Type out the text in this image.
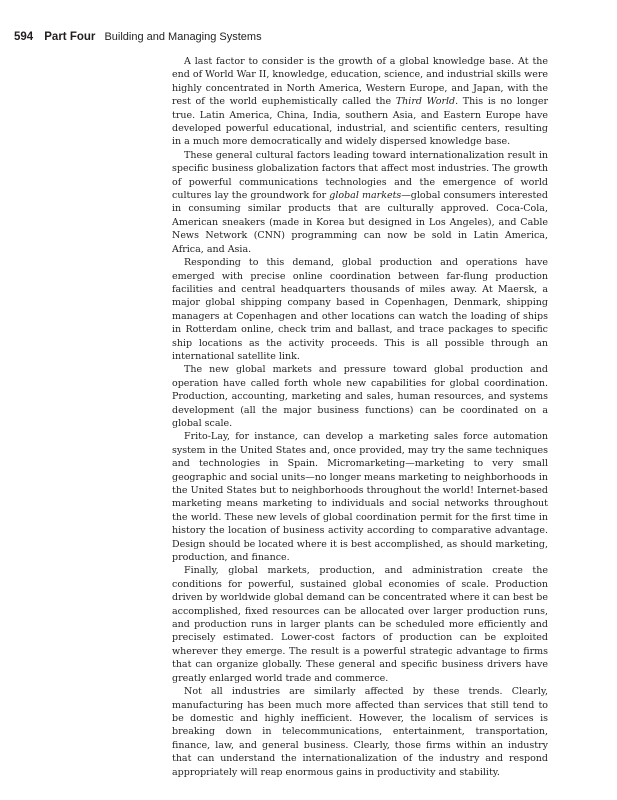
594 Part Four Building and Managing Systems

A last factor to consider is the growth of a global knowledge base. At the end of World War II, knowledge, education, science, and industrial skills were highly concentrated in North America, Western Europe, and Japan, with the rest of the world euphemistically called the Third World. This is no longer true. Latin America, China, India, southern Asia, and Eastern Europe have developed powerful educational, industrial, and scientific centers, resulting in a much more democratically and widely dispersed knowledge base.

These general cultural factors leading toward internationalization result in specific business globalization factors that affect most industries. The growth of powerful communications technologies and the emergence of world cultures lay the groundwork for global markets—global consumers interested in consuming similar products that are culturally approved. Coca-Cola, American sneakers (made in Korea but designed in Los Angeles), and Cable News Network (CNN) programming can now be sold in Latin America, Africa, and Asia.

Responding to this demand, global production and operations have emerged with precise online coordination between far-flung production facilities and central headquarters thousands of miles away. At Maersk, a major global shipping company based in Copenhagen, Denmark, shipping managers at Copenhagen and other locations can watch the loading of ships in Rotterdam online, check trim and ballast, and trace packages to specific ship locations as the activity proceeds. This is all possible through an international satellite link.

The new global markets and pressure toward global production and operation have called forth whole new capabilities for global coordination. Production, accounting, marketing and sales, human resources, and systems development (all the major business functions) can be coordinated on a global scale.

Frito-Lay, for instance, can develop a marketing sales force automation system in the United States and, once provided, may try the same techniques and technologies in Spain. Micromarketing—marketing to very small geographic and social units—no longer means marketing to neighborhoods in the United States but to neighborhoods throughout the world! Internet-based marketing means marketing to individuals and social networks throughout the world. These new levels of global coordination permit for the first time in history the location of business activity according to comparative advantage. Design should be located where it is best accomplished, as should marketing, production, and finance.

Finally, global markets, production, and administration create the conditions for powerful, sustained global economies of scale. Production driven by worldwide global demand can be concentrated where it can best be accomplished, fixed resources can be allocated over larger production runs, and production runs in larger plants can be scheduled more efficiently and precisely estimated. Lower-cost factors of production can be exploited wherever they emerge. The result is a powerful strategic advantage to firms that can organize globally. These general and specific business drivers have greatly enlarged world trade and commerce.

Not all industries are similarly affected by these trends. Clearly, manufacturing has been much more affected than services that still tend to be domestic and highly inefficient. However, the localism of services is breaking down in telecommunications, entertainment, transportation, finance, law, and general business. Clearly, those firms within an industry that can understand the internationalization of the industry and respond appropriately will reap enormous gains in productivity and stability.
